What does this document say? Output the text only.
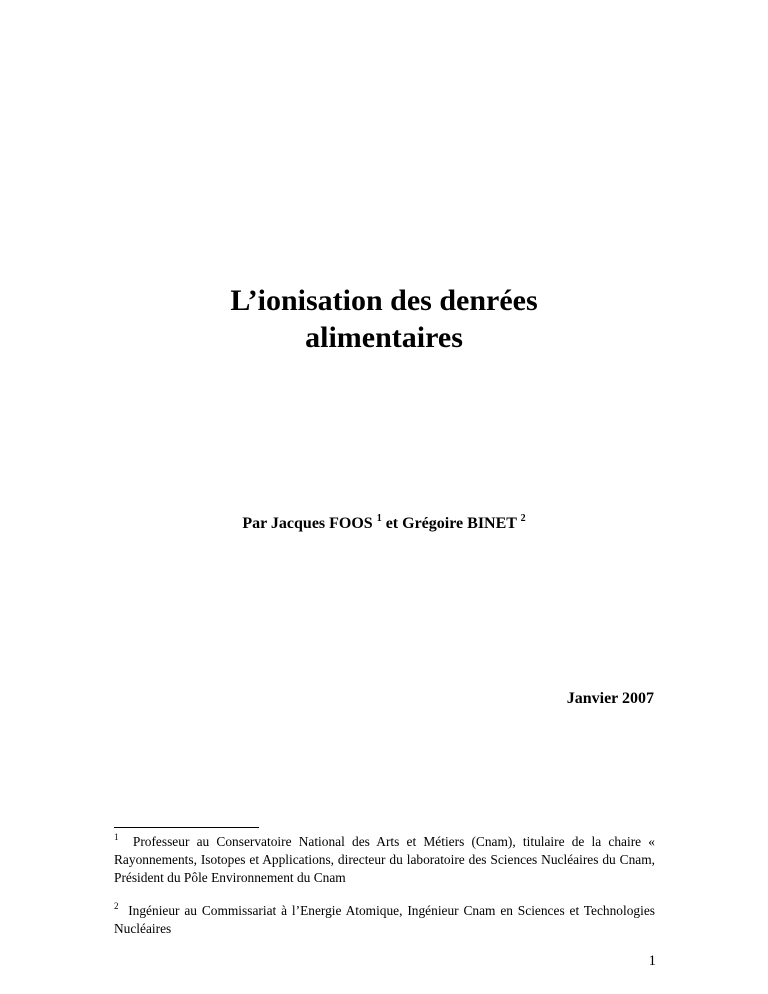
L’ionisation des denrées
alimentaires
Par Jacques FOOS $^1$ et Grégoire BINET $^2$
Janvier 2007
$^1$ Professeur au Conservatoire National des Arts et Métiers (Cnam), titulaire de la chaire « Rayonnements, Isotopes et Applications, directeur du laboratoire des Sciences Nucléaires du Cnam, Président du Pôle Environnement du Cnam
$^2$ Ingénieur au Commissariat à l’Energie Atomique, Ingénieur Cnam en Sciences et Technologies Nucléaires
1
